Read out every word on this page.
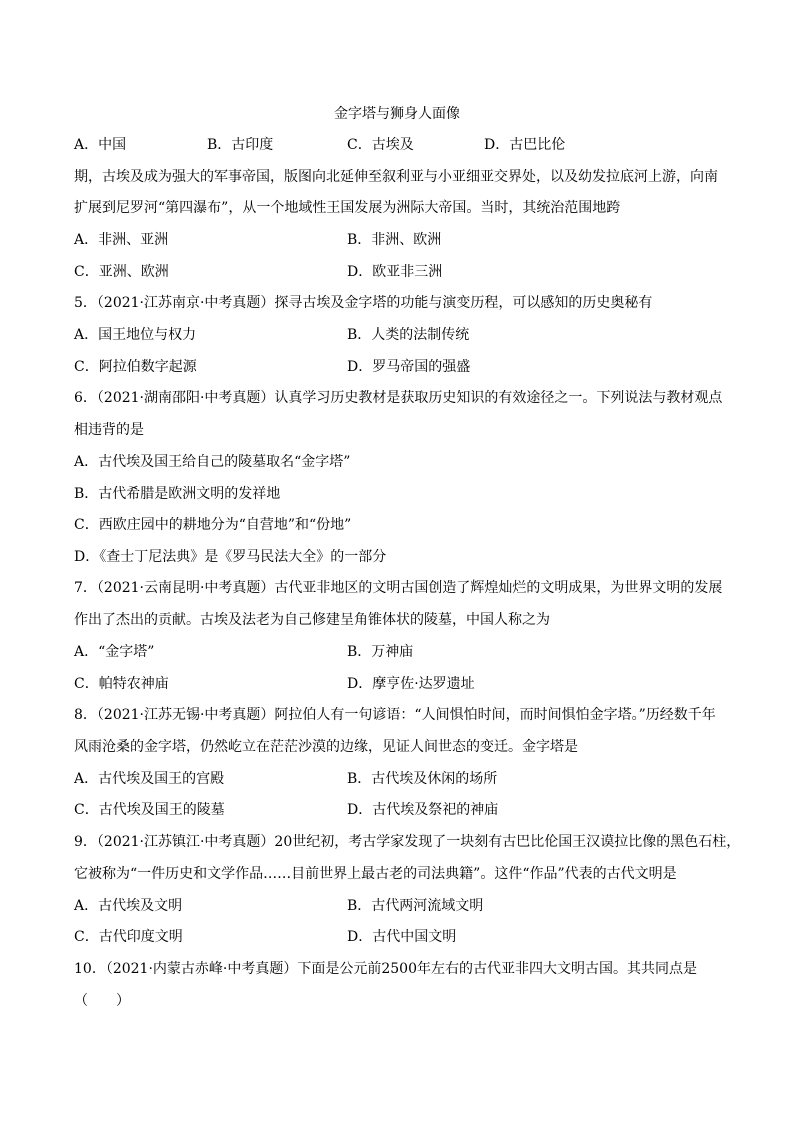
金字塔与狮身人面像
A．中国	B．古印度	C．古埃及	D．古巴比伦
期，古埃及成为强大的军事帝国，版图向北延伸至叙利亚与小亚细亚交界处，以及幼发拉底河上游，向南
扩展到尼罗河“第四瀑布”，从一个地域性王国发展为洲际大帝国。当时，其统治范围地跨
A．非洲、亚洲	B．非洲、欧洲
C．亚洲、欧洲	D．欧亚非三洲
5．（2021·江苏南京·中考真题）探寻古埃及金字塔的功能与演变历程，可以感知的历史奥秘有
A．国王地位与权力	B．人类的法制传统
C．阿拉伯数字起源	D．罗马帝国的强盛
6．（2021·湖南邵阳·中考真题）认真学习历史教材是获取历史知识的有效途径之一。下列说法与教材观点
相违背的是
A．古代埃及国王给自己的陵墓取名“金字塔”
B．古代希腊是欧洲文明的发祥地
C．西欧庄园中的耕地分为“自营地”和“份地”
D．《查士丁尼法典》是《罗马民法大全》的一部分
7．（2021·云南昆明·中考真题）古代亚非地区的文明古国创造了辉煌灿烂的文明成果，为世界文明的发展
作出了杰出的贡献。古埃及法老为自己修建呈角锥体状的陵墓，中国人称之为
A．“金字塔”	B．万神庙
C．帕特农神庙	D．摩亨佐·达罗遗址
8．（2021·江苏无锡·中考真题）阿拉伯人有一句谚语：“人间惧怕时间，而时间惧怕金字塔。”历经数千年
风雨沧桑的金字塔，仍然屹立在茫茫沙漠的边缘，见证人间世态的变迁。金字塔是
A．古代埃及国王的宫殿	B．古代埃及休闲的场所
C．古代埃及国王的陵墓	D．古代埃及祭祀的神庙
9．（2021·江苏镇江·中考真题）20世纪初，考古学家发现了一块刻有古巴比伦国王汉谟拉比像的黑色石柱，
它被称为“一件历史和文学作品……目前世界上最古老的司法典籍”。这件“作品”代表的古代文明是
A．古代埃及文明	B．古代两河流域文明
C．古代印度文明	D．古代中国文明
10．（2021·内蒙古赤峰·中考真题）下面是公元前2500年左右的古代亚非四大文明古国。其共同点是
（　　）
